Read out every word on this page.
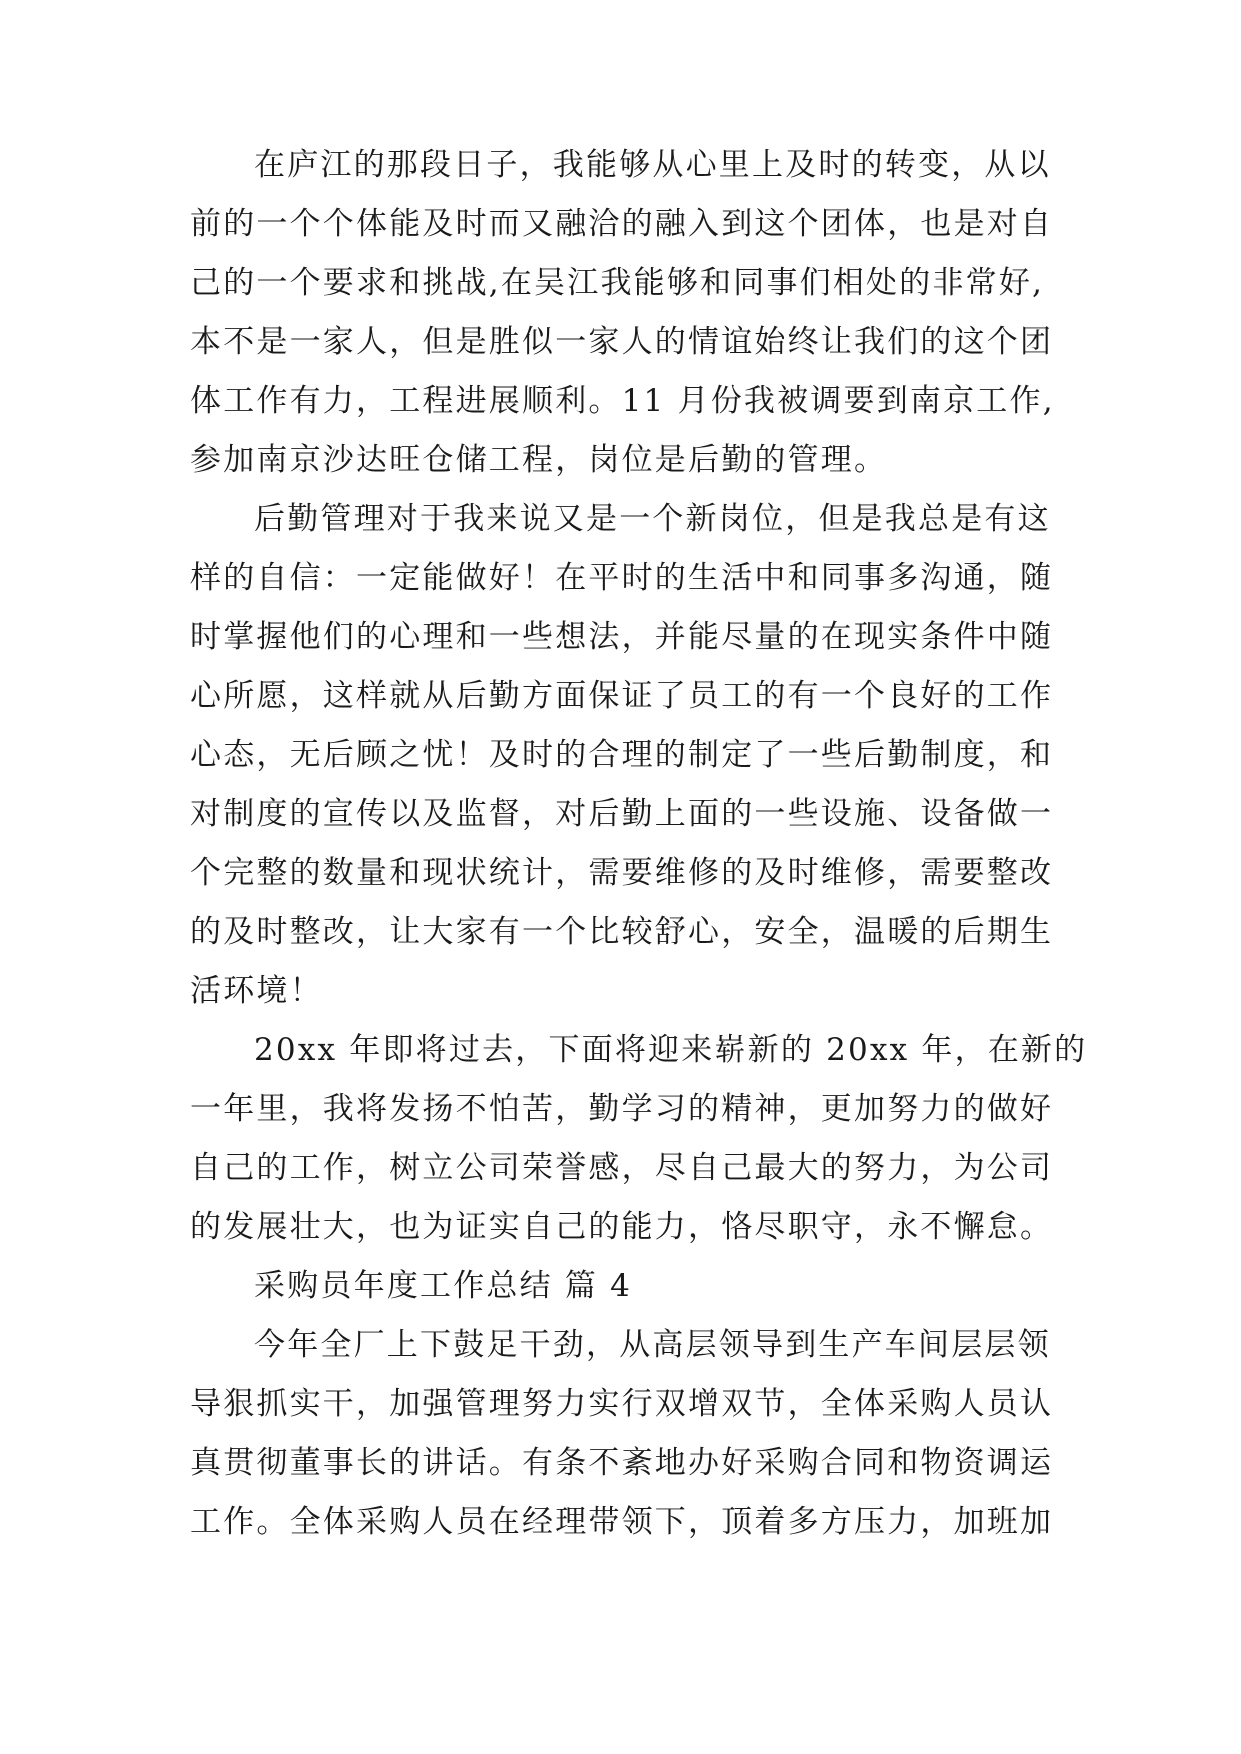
在庐江的那段日子，我能够从心里上及时的转变，从以
前的一个个体能及时而又融洽的融入到这个团体，也是对自
己的一个要求和挑战,在吴江我能够和同事们相处的非常好,
本不是一家人，但是胜似一家人的情谊始终让我们的这个团
体工作有力，工程进展顺利。11 月份我被调要到南京工作,
参加南京沙达旺仓储工程，岗位是后勤的管理。
后勤管理对于我来说又是一个新岗位，但是我总是有这
样的自信：一定能做好！在平时的生活中和同事多沟通，随
时掌握他们的心理和一些想法，并能尽量的在现实条件中随
心所愿，这样就从后勤方面保证了员工的有一个良好的工作
心态，无后顾之忧！及时的合理的制定了一些后勤制度，和
对制度的宣传以及监督，对后勤上面的一些设施、设备做一
个完整的数量和现状统计，需要维修的及时维修，需要整改
的及时整改，让大家有一个比较舒心，安全，温暖的后期生
活环境！
20xx 年即将过去，下面将迎来崭新的 20xx 年，在新的
一年里，我将发扬不怕苦，勤学习的精神，更加努力的做好
自己的工作，树立公司荣誉感，尽自己最大的努力，为公司
的发展壮大，也为证实自己的能力，恪尽职守，永不懈怠。
采购员年度工作总结 篇 4
今年全厂上下鼓足干劲，从高层领导到生产车间层层领
导狠抓实干，加强管理努力实行双增双节，全体采购人员认
真贯彻董事长的讲话。有条不紊地办好采购合同和物资调运
工作。全体采购人员在经理带领下，顶着多方压力，加班加
